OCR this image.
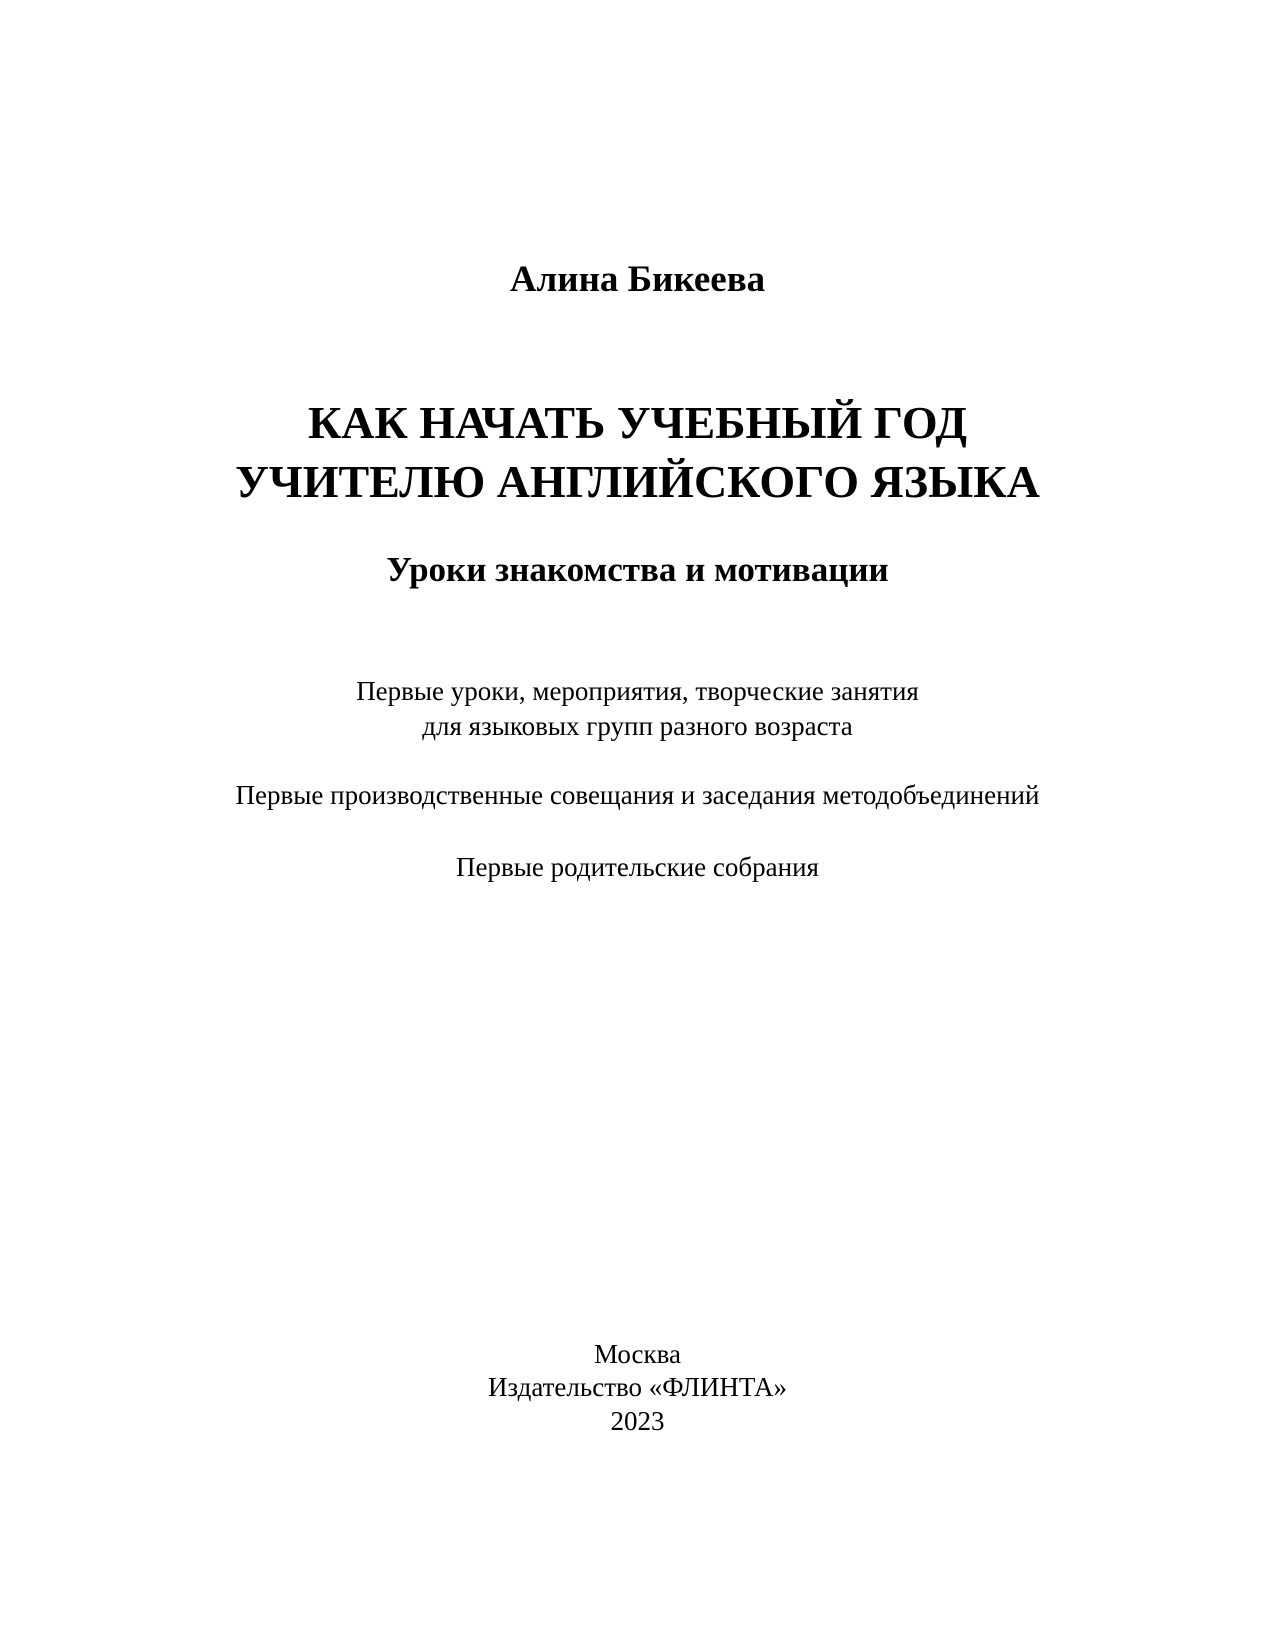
Алина Бикеева
КАК НАЧАТЬ УЧЕБНЫЙ ГОД
УЧИТЕЛЮ АНГЛИЙСКОГО ЯЗЫКА
Уроки знакомства и мотивации
Первые уроки, мероприятия, творческие занятия
для языковых групп разного возраста
Первые производственные совещания и заседания методобъединений
Первые родительские собрания
Москва
Издательство «ФЛИНТА»
2023
